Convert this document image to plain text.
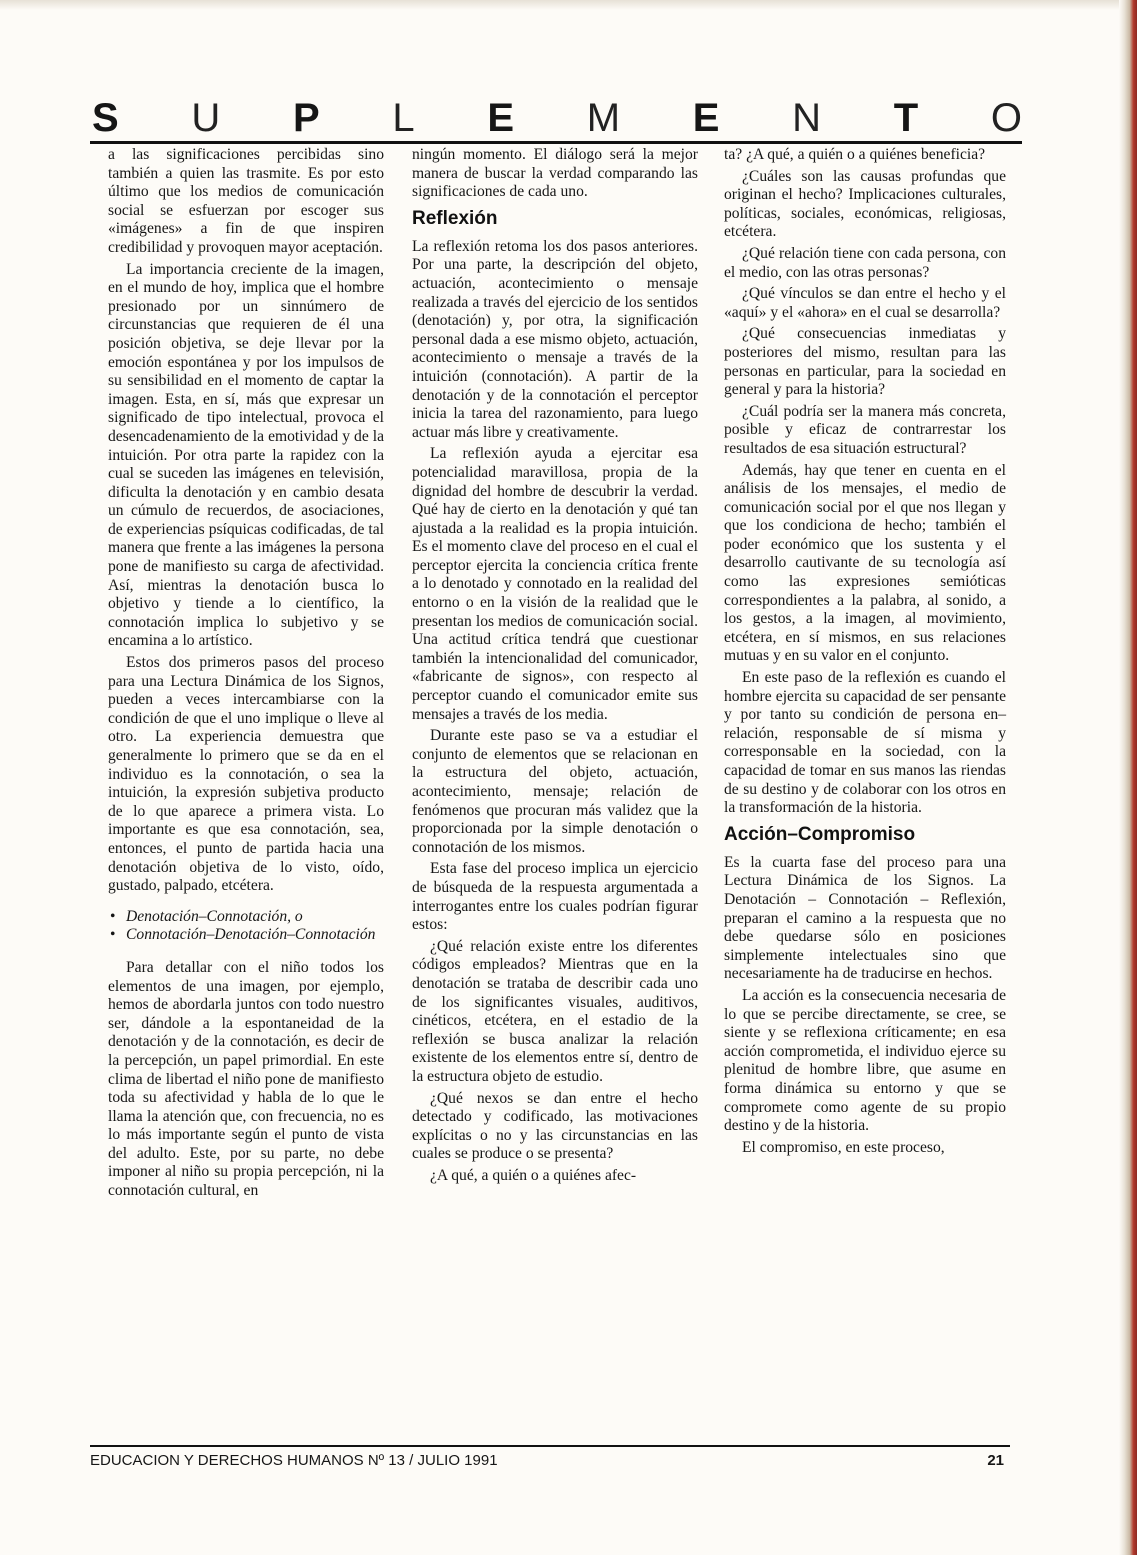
S U P L E M E N T O

a las significaciones percibidas sino también a quien las trasmite. Es por esto último que los medios de comunicación social se esfuerzan por escoger sus «imágenes» a fin de que inspiren credibilidad y provoquen mayor aceptación.

La importancia creciente de la imagen, en el mundo de hoy, implica que el hombre presionado por un sinnúmero de circunstancias que requieren de él una posición objetiva, se deje llevar por la emoción espontánea y por los impulsos de su sensibilidad en el momento de captar la imagen. Esta, en sí, más que expresar un significado de tipo intelectual, provoca el desencadenamiento de la emotividad y de la intuición. Por otra parte la rapidez con la cual se suceden las imágenes en televisión, dificulta la denotación y en cambio desata un cúmulo de recuerdos, de asociaciones, de experiencias psíquicas codificadas, de tal manera que frente a las imágenes la persona pone de manifiesto su carga de afectividad. Así, mientras la denotación busca lo objetivo y tiende a lo científico, la connotación implica lo subjetivo y se encamina a lo artístico.

Estos dos primeros pasos del proceso para una Lectura Dinámica de los Signos, pueden a veces intercambiarse con la condición de que el uno implique o lleve al otro. La experiencia demuestra que generalmente lo primero que se da en el individuo es la connotación, o sea la intuición, la expresión subjetiva producto de lo que aparece a primera vista. Lo importante es que esa connotación, sea, entonces, el punto de partida hacia una denotación objetiva de lo visto, oído, gustado, palpado, etcétera.

• Denotación–Connotación, o
• Connotación–Denotación–Connotación

Para detallar con el niño todos los elementos de una imagen, por ejemplo, hemos de abordarla juntos con todo nuestro ser, dándole a la espontaneidad de la denotación y de la connotación, es decir de la percepción, un papel primordial. En este clima de libertad el niño pone de manifiesto toda su afectividad y habla de lo que le llama la atención que, con frecuencia, no es lo más importante según el punto de vista del adulto. Este, por su parte, no debe imponer al niño su propia percepción, ni la connotación cultural, en

ningún momento. El diálogo será la mejor manera de buscar la verdad comparando las significaciones de cada uno.

Reflexión

La reflexión retoma los dos pasos anteriores. Por una parte, la descripción del objeto, actuación, acontecimiento o mensaje realizada a través del ejercicio de los sentidos (denotación) y, por otra, la significación personal dada a ese mismo objeto, actuación, acontecimiento o mensaje a través de la intuición (connotación). A partir de la denotación y de la connotación el perceptor inicia la tarea del razonamiento, para luego actuar más libre y creativamente.

La reflexión ayuda a ejercitar esa potencialidad maravillosa, propia de la dignidad del hombre de descubrir la verdad. Qué hay de cierto en la denotación y qué tan ajustada a la realidad es la propia intuición. Es el momento clave del proceso en el cual el perceptor ejercita la conciencia crítica frente a lo denotado y connotado en la realidad del entorno o en la visión de la realidad que le presentan los medios de comunicación social. Una actitud crítica tendrá que cuestionar también la intencionalidad del comunicador, «fabricante de signos», con respecto al perceptor cuando el comunicador emite sus mensajes a través de los media.

Durante este paso se va a estudiar el conjunto de elementos que se relacionan en la estructura del objeto, actuación, acontecimiento, mensaje; relación de fenómenos que procuran más validez que la proporcionada por la simple denotación o connotación de los mismos.

Esta fase del proceso implica un ejercicio de búsqueda de la respuesta argumentada a interrogantes entre los cuales podrían figurar estos:

¿Qué relación existe entre los diferentes códigos empleados? Mientras que en la denotación se trataba de describir cada uno de los significantes visuales, auditivos, cinéticos, etcétera, en el estadio de la reflexión se busca analizar la relación existente de los elementos entre sí, dentro de la estructura objeto de estudio.

¿Qué nexos se dan entre el hecho detectado y codificado, las motivaciones explícitas o no y las circunstancias en las cuales se produce o se presenta?

¿A qué, a quién o a quiénes afec-

ta? ¿A qué, a quién o a quiénes beneficia?

¿Cuáles son las causas profundas que originan el hecho? Implicaciones culturales, políticas, sociales, económicas, religiosas, etcétera.

¿Qué relación tiene con cada persona, con el medio, con las otras personas?

¿Qué vínculos se dan entre el hecho y el «aquí» y el «ahora» en el cual se desarrolla?

¿Qué consecuencias inmediatas y posteriores del mismo, resultan para las personas en particular, para la sociedad en general y para la historia?

¿Cuál podría ser la manera más concreta, posible y eficaz de contrarrestar los resultados de esa situación estructural?

Además, hay que tener en cuenta en el análisis de los mensajes, el medio de comunicación social por el que nos llegan y que los condiciona de hecho; también el poder económico que los sustenta y el desarrollo cautivante de su tecnología así como las expresiones semióticas correspondientes a la palabra, al sonido, a los gestos, a la imagen, al movimiento, etcétera, en sí mismos, en sus relaciones mutuas y en su valor en el conjunto.

En este paso de la reflexión es cuando el hombre ejercita su capacidad de ser pensante y por tanto su condición de persona en–relación, responsable de sí misma y corresponsable en la sociedad, con la capacidad de tomar en sus manos las riendas de su destino y de colaborar con los otros en la transformación de la historia.

Acción–Compromiso

Es la cuarta fase del proceso para una Lectura Dinámica de los Signos. La Denotación – Connotación – Reflexión, preparan el camino a la respuesta que no debe quedarse sólo en posiciones simplemente intelectuales sino que necesariamente ha de traducirse en hechos.

La acción es la consecuencia necesaria de lo que se percibe directamente, se cree, se siente y se reflexiona críticamente; en esa acción comprometida, el individuo ejerce su plenitud de hombre libre, que asume en forma dinámica su entorno y que se compromete como agente de su propio destino y de la historia.

El compromiso, en este proceso,

EDUCACION Y DERECHOS HUMANOS Nº 13 / JULIO 1991	21
